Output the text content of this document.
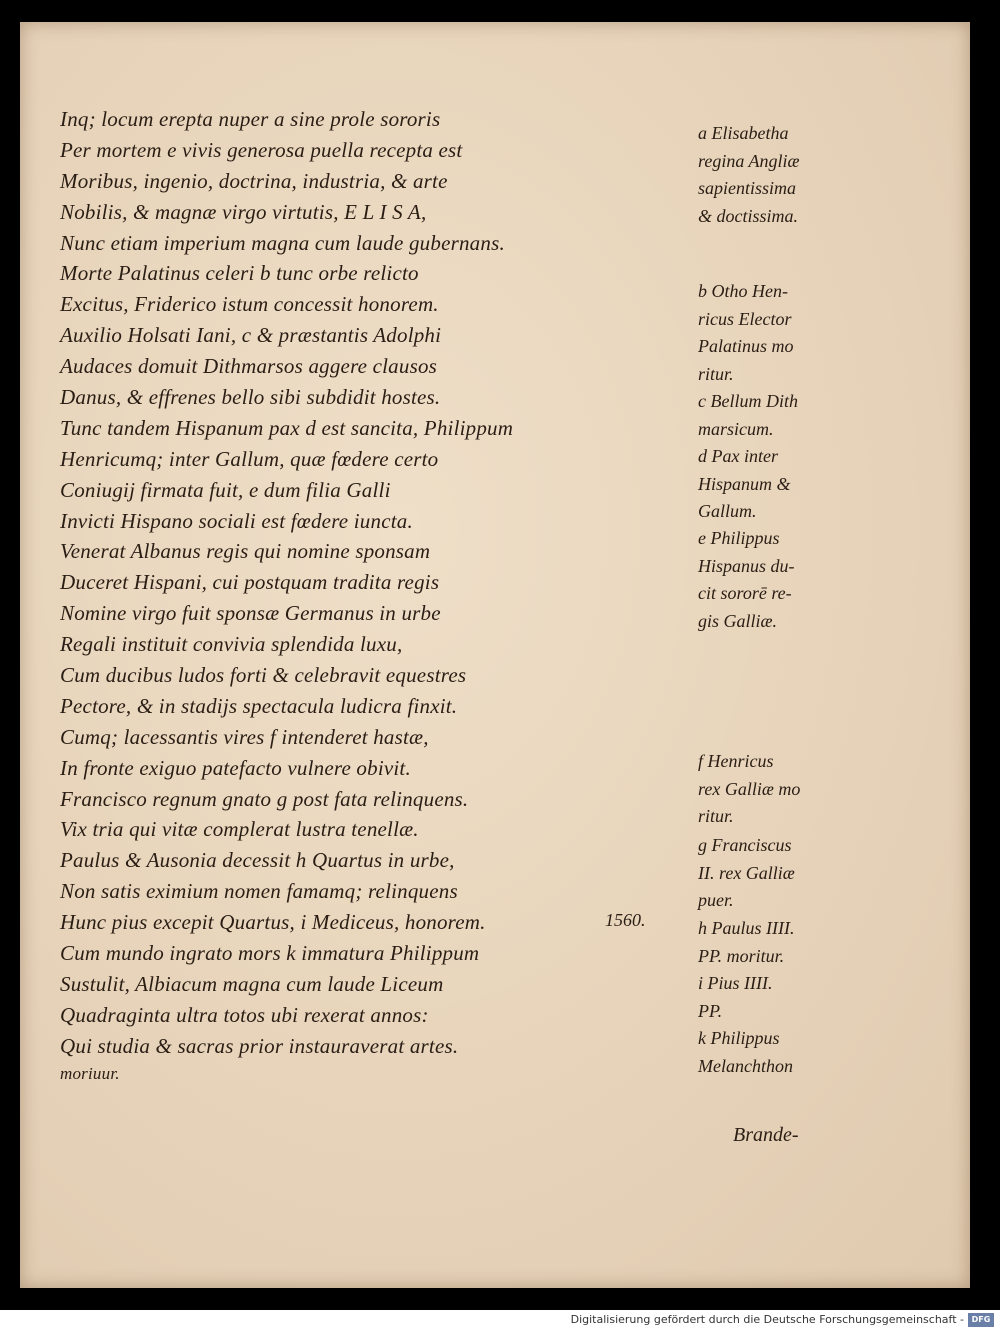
Inq; locum erepta nuper a sine prole sororis
Per mortem e vivis generosa puella recepta est
Moribus, ingenio, doctrina, industria, & arte
Nobilis, & magnæ virgo virtutis, E L I S A,
Nunc etiam imperium magna cum laude gubernans.
Morte Palatinus celeri b tunc orbe relicto
Excitus, Friderico istum concessit honorem.
Auxilio Holsati Iani, c & præstantis Adolphi
Audaces domuit Dithmarsos aggere clausos
Danus, & effrenes bello sibi subdidit hostes.
Tunc tandem Hispanum pax d est sancita, Philippum
Henricumq; inter Gallum, quæ fœdere certo
Coniugij firmata fuit, e dum filia Galli
Invicti Hispano sociali est fœdere iuncta.
Venerat Albanus regis qui nomine sponsam
Duceret Hispani, cui postquam tradita regis
Nomine virgo fuit sponsæ Germanus in urbe
Regali instituit convivia splendida luxu,
Cum ducibus ludos forti & celebravit equestres
Pectore, & in stadijs spectacula ludicra finxit.
Cumq; lacessantis vires f intenderet hastæ,
In fronte exiguo patefacto vulnere obivit.
Francisco regnum gnato g post fata relinquens.
Vix tria qui vitæ complerat lustra tenellæ.
Paulus & Ausonia decessit h Quartus in urbe,
Non satis eximium nomen famamq; relinquens
Hunc pius excepit Quartus, i Mediceus, honorem.
Cum mundo ingrato mors k immatura Philippum
Sustulit, Albiacum magna cum laude Liceum
Quadraginta ultra totos ubi rexerat annos:
Qui studia & sacras prior instauraverat artes.
moriuur.
1560.
a Elisabetha
regina Angliæ
sapientissima
& doctissima.
b Otho Hen-
ricus Elector
Palatinus mo
ritur.
c Bellum Dith
marsicum.
d Pax inter
Hispanum &
Gallum.
e Philippus
Hispanus du-
cit sororē re-
gis Galliæ.
f Henricus
rex Galliæ mo
ritur.
g Franciscus
II. rex Galliæ
puer.
h Paulus IIII.
PP. moritur.
i Pius IIII.
PP.
k Philippus
Melanchthon
Brande-
Digitalisierung gefördert durch die Deutsche Forschungsgemeinschaft - DFG
